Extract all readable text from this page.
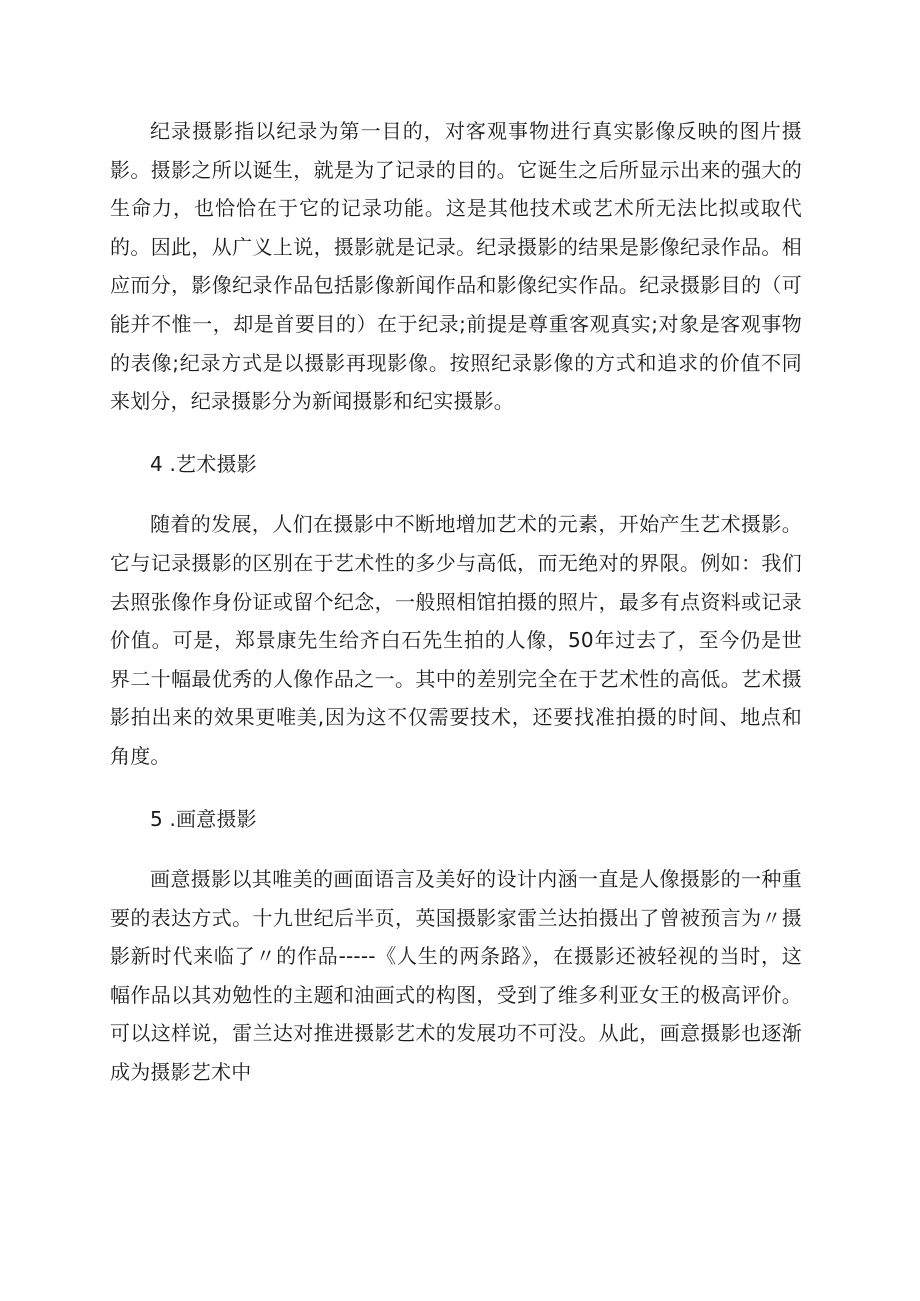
纪录摄影指以纪录为第一目的，对客观事物进行真实影像反映的图片摄影。摄影之所以诞生，就是为了记录的目的。它诞生之后所显示出来的强大的生命力，也恰恰在于它的记录功能。这是其他技术或艺术所无法比拟或取代的。因此，从广义上说，摄影就是记录。纪录摄影的结果是影像纪录作品。相应而分，影像纪录作品包括影像新闻作品和影像纪实作品。纪录摄影目的（可能并不惟一，却是首要目的）在于纪录;前提是尊重客观真实;对象是客观事物的表像;纪录方式是以摄影再现影像。按照纪录影像的方式和追求的价值不同来划分，纪录摄影分为新闻摄影和纪实摄影。

4 .艺术摄影

随着的发展，人们在摄影中不断地增加艺术的元素，开始产生艺术摄影。它与记录摄影的区别在于艺术性的多少与高低，而无绝对的界限。例如：我们去照张像作身份证或留个纪念，一般照相馆拍摄的照片，最多有点资料或记录价值。可是，郑景康先生给齐白石先生拍的人像，50年过去了，至今仍是世界二十幅最优秀的人像作品之一。其中的差别完全在于艺术性的高低。艺术摄影拍出来的效果更唯美,因为这不仅需要技术，还要找准拍摄的时间、地点和角度。

5 .画意摄影

画意摄影以其唯美的画面语言及美好的设计内涵一直是人像摄影的一种重要的表达方式。十九世纪后半页，英国摄影家雷兰达拍摄出了曾被预言为〃摄影新时代来临了〃的作品-----《人生的两条路》，在摄影还被轻视的当时，这幅作品以其劝勉性的主题和油画式的构图，受到了维多利亚女王的极高评价。可以这样说，雷兰达对推进摄影艺术的发展功不可没。从此，画意摄影也逐渐成为摄影艺术中
